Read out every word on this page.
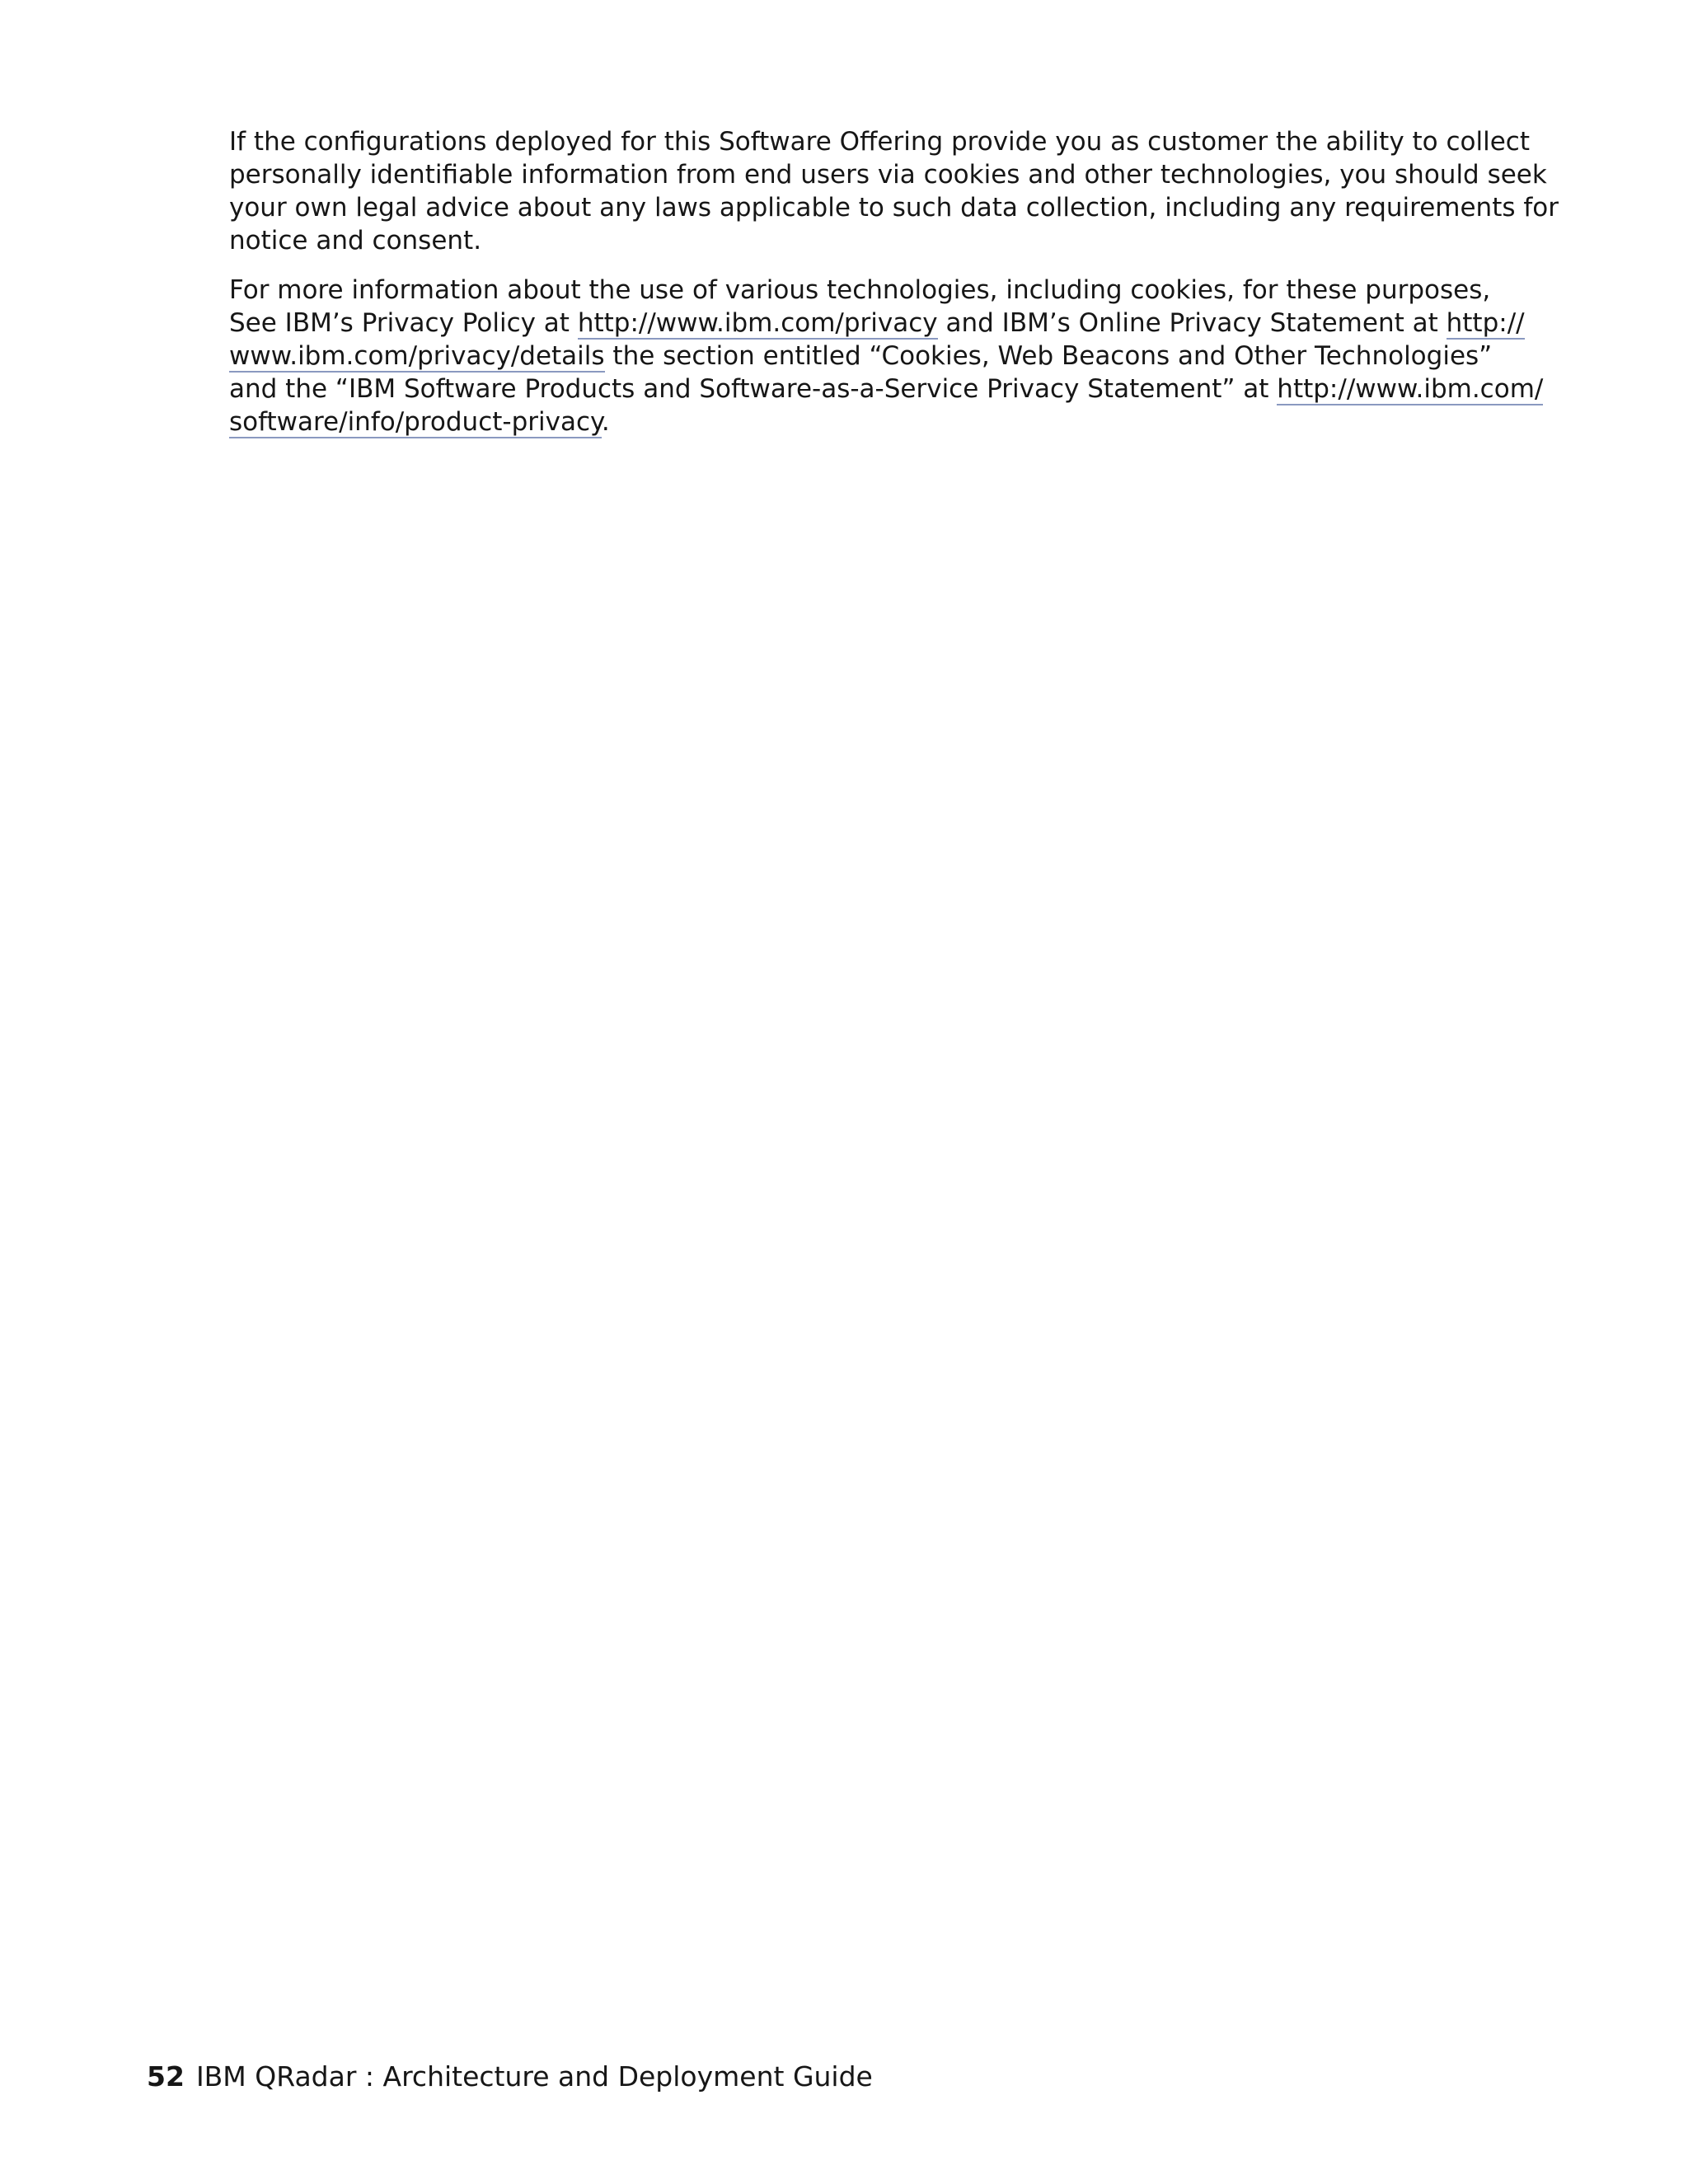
If the configurations deployed for this Software Offering provide you as customer the ability to collect
personally identifiable information from end users via cookies and other technologies, you should seek
your own legal advice about any laws applicable to such data collection, including any requirements for
notice and consent.

For more information about the use of various technologies, including cookies, for these purposes,
See IBM’s Privacy Policy at http://www.ibm.com/privacy and IBM’s Online Privacy Statement at http://
www.ibm.com/privacy/details the section entitled “Cookies, Web Beacons and Other Technologies”
and the “IBM Software Products and Software-as-a-Service Privacy Statement” at http://www.ibm.com/
software/info/product-privacy.

52 IBM QRadar : Architecture and Deployment Guide
